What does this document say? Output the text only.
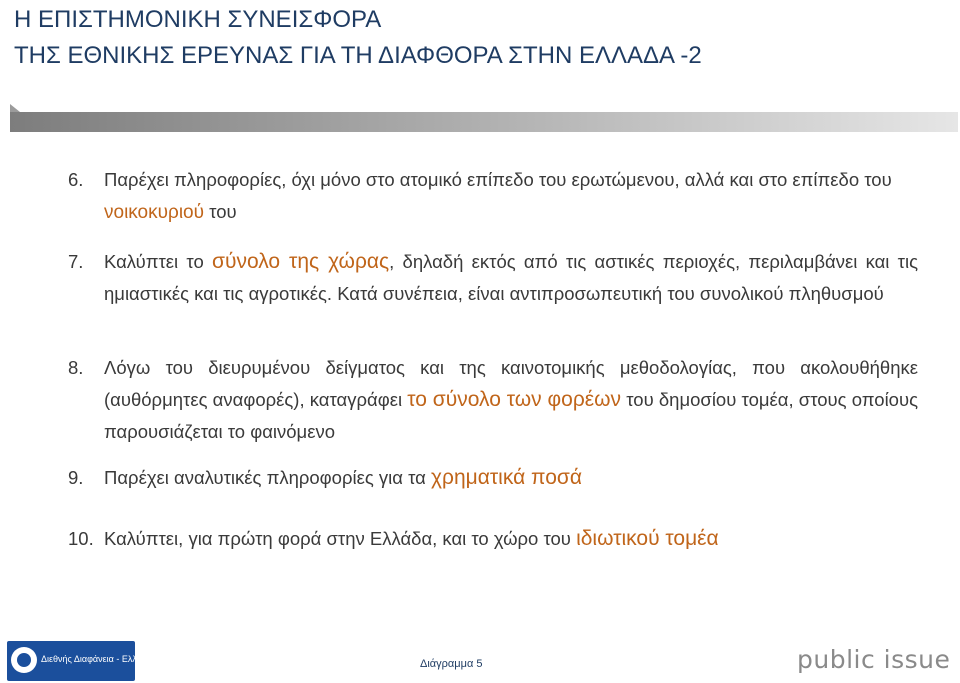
Η ΕΠΙΣΤΗΜΟΝΙΚΗ ΣΥΝΕΙΣΦΟΡΑ
ΤΗΣ ΕΘΝΙΚΗΣ ΕΡΕΥΝΑΣ ΓΙΑ ΤΗ ΔΙΑΦΘΟΡΑ ΣΤΗΝ ΕΛΛΑΔΑ -2
6.	Παρέχει πληροφορίες, όχι μόνο στο ατομικό επίπεδο του ερωτώμενου, αλλά και στο επίπεδο του νοικοκυριού του
7.	Καλύπτει το σύνολο της χώρας, δηλαδή εκτός από τις αστικές περιοχές, περιλαμβάνει και τις ημιαστικές και τις αγροτικές. Κατά συνέπεια, είναι αντιπροσωπευτική του συνολικού πληθυσμού
8.	Λόγω του διευρυμένου δείγματος και της καινοτομικής μεθοδολογίας, που ακολουθήθηκε (αυθόρμητες αναφορές), καταγράφει το σύνολο των φορέων του δημοσίου τομέα, στους οποίους παρουσιάζεται το φαινόμενο
9.	Παρέχει αναλυτικές πληροφορίες για τα χρηματικά ποσά
10. Καλύπτει, για πρώτη φορά στην Ελλάδα, και το χώρο του ιδιωτικού τομέα
Διεθνής Διαφάνεια - Ελλάς	Διάγραμμα 5	public issue
